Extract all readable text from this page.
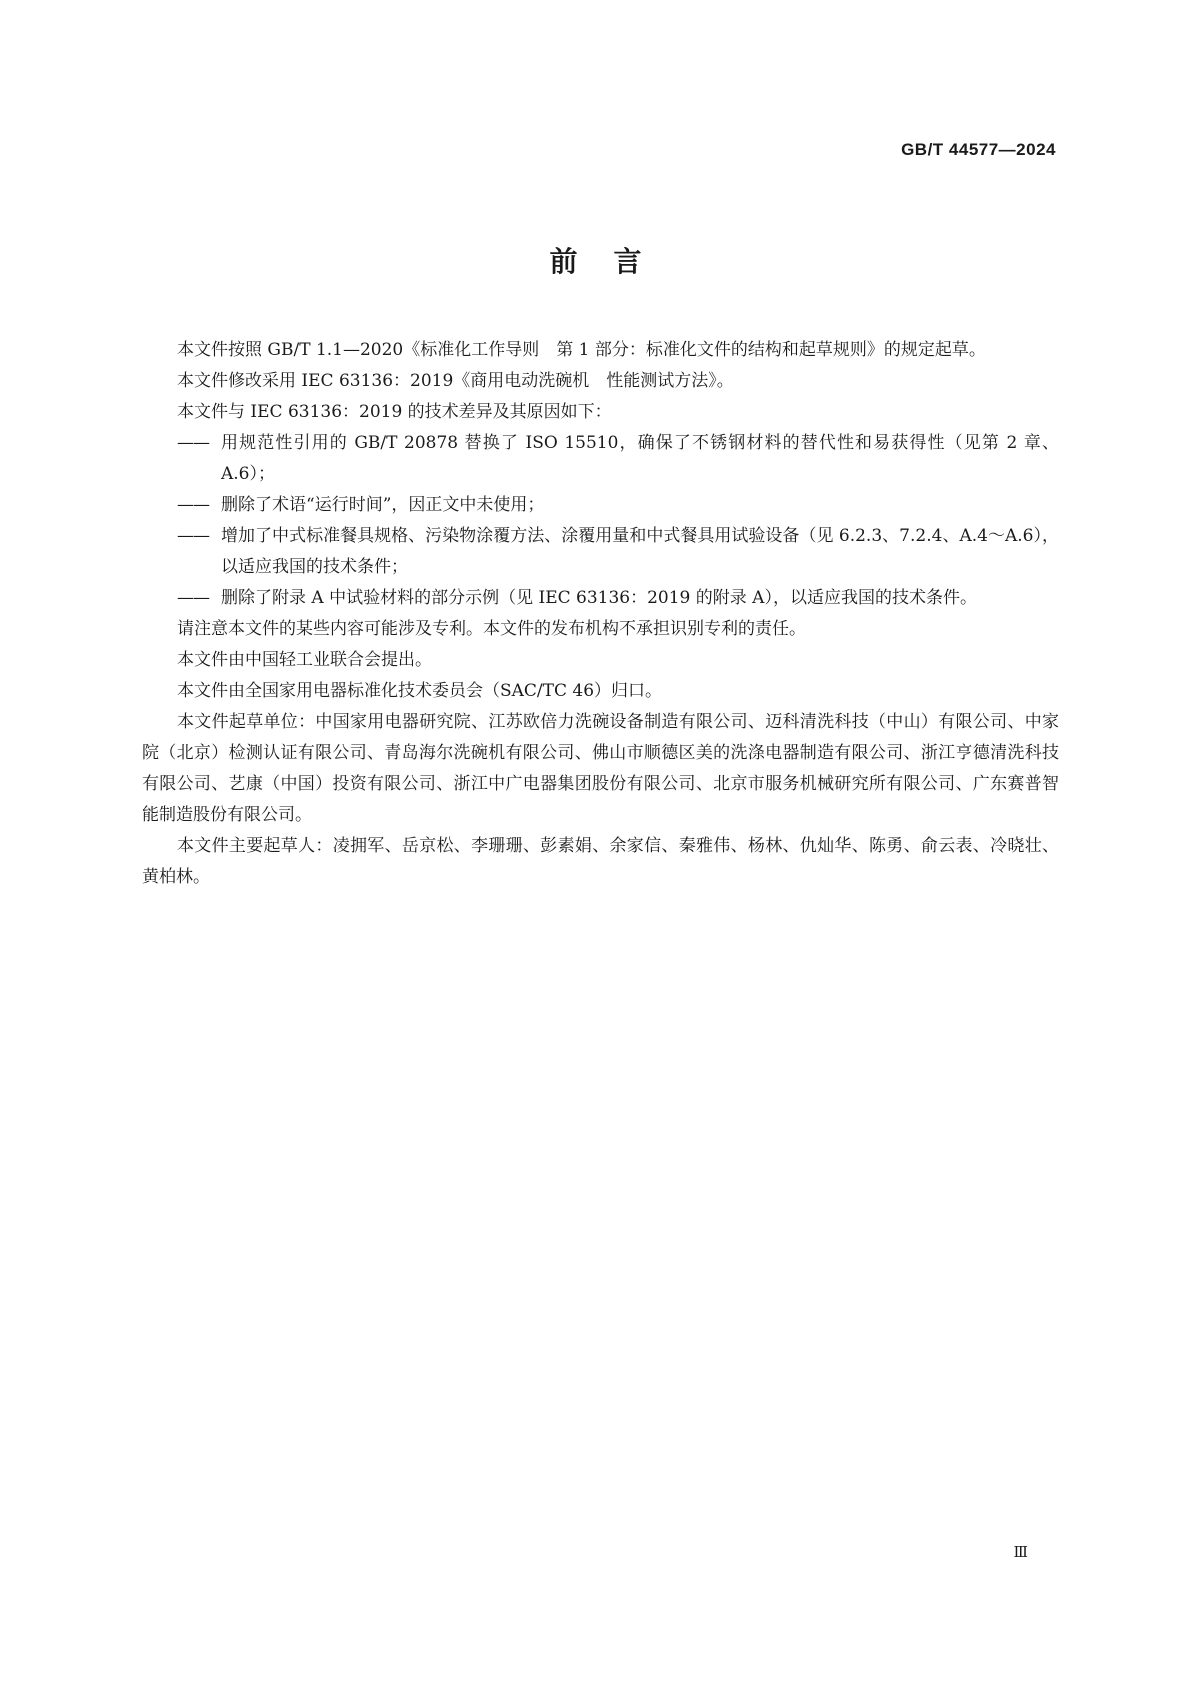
GB/T 44577—2024
前言

本文件按照 GB/T 1.1—2020《标准化工作导则　第 1 部分：标准化文件的结构和起草规则》的规定起草。

本文件修改采用 IEC 63136：2019《商用电动洗碗机　性能测试方法》。

本文件与 IEC 63136：2019 的技术差异及其原因如下：

—— 用规范性引用的 GB/T 20878 替换了 ISO 15510，确保了不锈钢材料的替代性和易获得性（见第 2 章、A.6）；
—— 删除了术语“运行时间”，因正文中未使用；
—— 增加了中式标准餐具规格、污染物涂覆方法、涂覆用量和中式餐具用试验设备（见 6.2.3、7.2.4、A.4～A.6），以适应我国的技术条件；
—— 删除了附录 A 中试验材料的部分示例（见 IEC 63136：2019 的附录 A），以适应我国的技术条件。

请注意本文件的某些内容可能涉及专利。本文件的发布机构不承担识别专利的责任。

本文件由中国轻工业联合会提出。

本文件由全国家用电器标准化技术委员会（SAC/TC 46）归口。

本文件起草单位：中国家用电器研究院、江苏欧倍力洗碗设备制造有限公司、迈科清洗科技（中山）有限公司、中家院（北京）检测认证有限公司、青岛海尔洗碗机有限公司、佛山市顺德区美的洗涤电器制造有限公司、浙江亨德清洗科技有限公司、艺康（中国）投资有限公司、浙江中广电器集团股份有限公司、北京市服务机械研究所有限公司、广东赛普智能制造股份有限公司。

本文件主要起草人：凌拥军、岳京松、李珊珊、彭素娟、余家信、秦雅伟、杨林、仇灿华、陈勇、俞云表、冷晓壮、黄柏林。

Ⅲ
